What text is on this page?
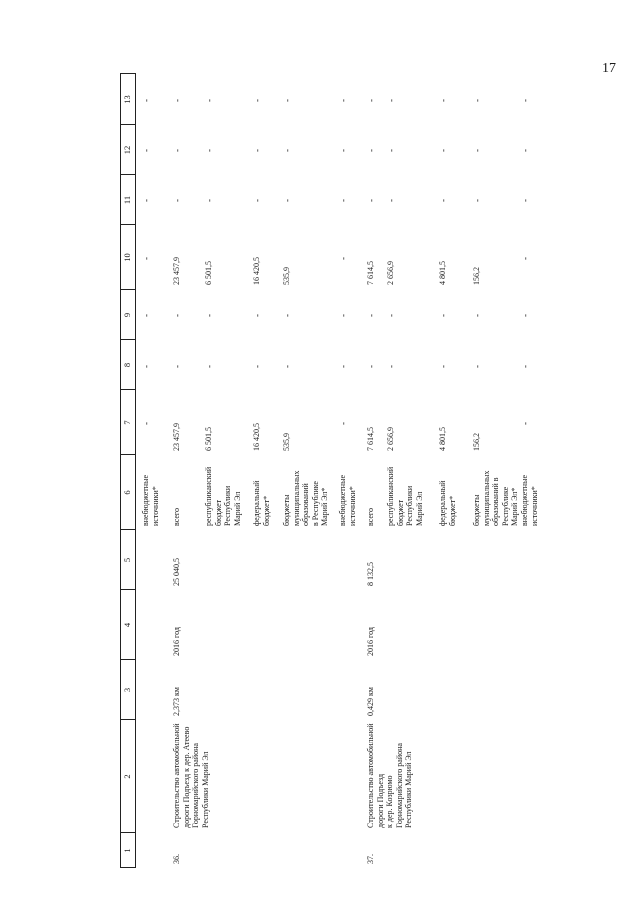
17
1
2
3
4
5
6
7
8
9
10
11
12
13
внебюджетные
источники*
-
-
-
-
-
-
-
36.
Строительство автомобильной
дороги Подъезд к дер. Атеево
Горномарийского района
Республики Марий Эл
2,373 км
2016 год
25 040,5
всего
23 457,9
-
-
23 457,9
-
-
-
республиканский
бюджет
Республики
Марий Эл
6 501,5
-
-
6 501,5
-
-
-
федеральный
бюджет*
16 420,5
-
-
16 420,5
-
-
-
бюджеты
муниципальных
образований
в Республике
Марий Эл*
535,9
-
-
535,9
-
-
-
внебюджетные
источники*
-
-
-
-
-
-
-
37.
Строительство автомобильной
дороги Подъезд
к дер. Козрюмо
Горномарийского района
Республики Марий Эл
0,429 км
2016 год
8 132,5
всего
7 614,5
-
-
7 614,5
-
-
-
республиканский
бюджет
Республики
Марий Эл
2 656,9
-
-
2 656,9
-
-
-
федеральный
бюджет*
4 801,5
-
-
4 801,5
-
-
-
бюджеты
муниципальных
образований в
Республике
Марий Эл*
156,2
-
-
156,2
-
-
-
внебюджетные
источники*
-
-
-
-
-
-
-
